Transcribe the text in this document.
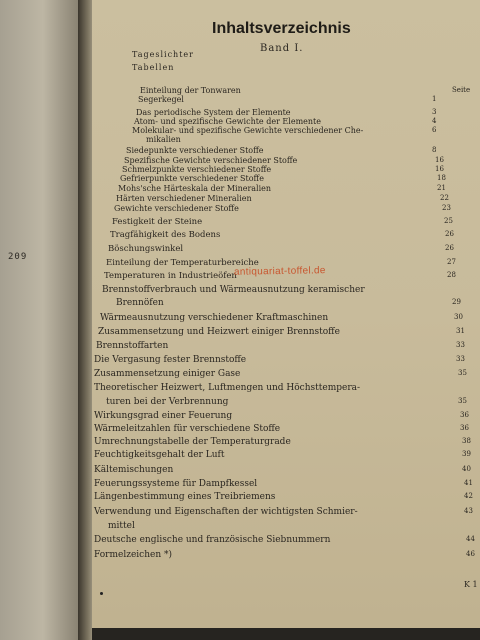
209
Inhaltsverzeichnis
Band I.
Tageslichter
Tabellen
Seite
Einteilung der Tonwaren
Segerkegel	1
Das periodische System der Elemente	3
Atom- und spezifische Gewichte der Elemente	4
Molekular- und spezifische Gewichte verschiedener Che-	6
mikalien
Siedepunkte verschiedener Stoffe	8
Spezifische Gewichte verschiedener Stoffe	16
Schmelzpunkte verschiedener Stoffe	16
Gefrierpunkte verschiedener Stoffe	18
Mohs'sche Härteskala der Mineralien	21
Härten verschiedener Mineralien	22
Gewichte verschiedener Stoffe	23
Festigkeit der Steine	25
Tragfähigkeit des Bodens	26
Böschungswinkel	26
Einteilung der Temperaturbereiche	27
Temperaturen in Industrieöfen	28
Brennstoffverbrauch und Wärmeausnutzung keramischer
Brennöfen	29
Wärmeausnutzung verschiedener Kraftmaschinen	30
Zusammensetzung und Heizwert einiger Brennstoffe	31
Brennstoffarten	33
Die Vergasung fester Brennstoffe	33
Zusammensetzung einiger Gase	35
Theoretischer Heizwert, Luftmengen und Höchsttempera-
turen bei der Verbrennung	35
Wirkungsgrad einer Feuerung	36
Wärmeleitzahlen für verschiedene Stoffe	36
Umrechnungstabelle der Temperaturgrade	38
Feuchtigkeitsgehalt der Luft	39
Kältemischungen	40
Feuerungssysteme für Dampfkessel	41
Längenbestimmung eines Treibriemens	42
Verwendung und Eigenschaften der wichtigsten Schmier-	43
mittel
Deutsche englische und französische Siebnummern	44
Formelzeichen *)	46
antiquariat-toffel.de
K 1
